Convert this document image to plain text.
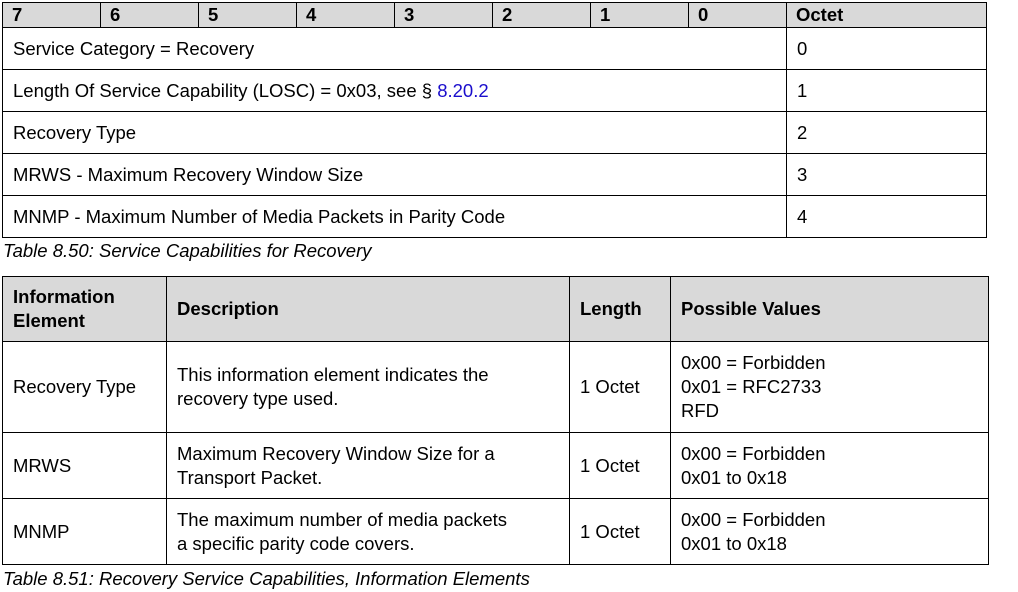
7	6	5	4	3	2	1	0	Octet
Service Category = Recovery								0
Length Of Service Capability (LOSC) = 0x03, see § 8.20.2								1
Recovery Type								2
MRWS - Maximum Recovery Window Size								3
MNMP - Maximum Number of Media Packets in Parity Code								4
Table 8.50: Service Capabilities for Recovery
Information
Element	Description	Length	Possible Values
Recovery Type	This information element indicates the
recovery type used.	1 Octet	0x00 = Forbidden
0x01 = RFC2733
RFD

MRWS	Maximum Recovery Window Size for a
Transport Packet.	1 Octet	0x00 = Forbidden
0x01 to 0x18

MNMP	The maximum number of media packets
a specific parity code covers.	1 Octet	0x00 = Forbidden
0x01 to 0x18
Table 8.51: Recovery Service Capabilities, Information Elements
